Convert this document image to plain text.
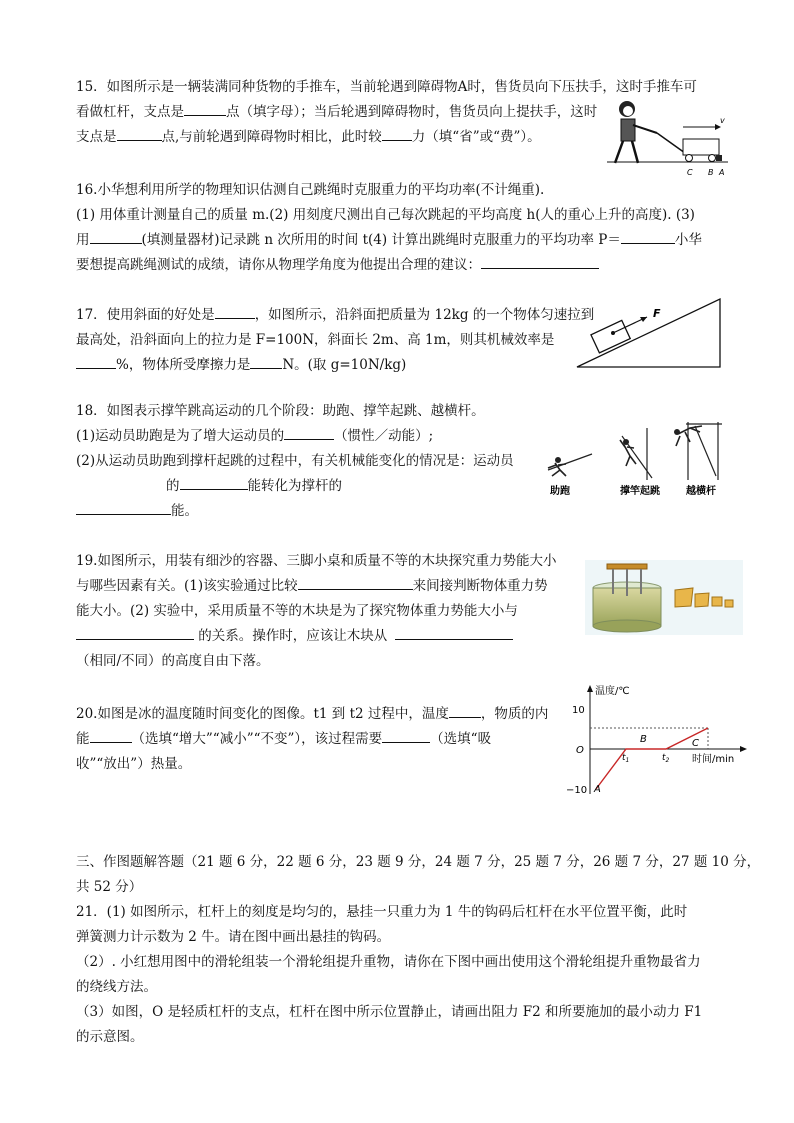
15．如图所示是一辆装满同种货物的手推车，当前轮遇到障碍物A时，售货员向下压扶手，这时手推车可

看做杠杆，支点是	点（填字母）；当后轮遇到障碍物时，售货员向上提扶手，这时

支点是	点,与前轮遇到障碍物时相比，此时较 力（填“省”或“费”）。

v
C B A

16.小华想利用所学的物理知识估测自己跳绳时克服重力的平均功率(不计绳重).

(1) 用体重计测量自己的质量 m.(2) 用刻度尺测出自己每次跳起的平均高度 h(人的重心上升的高度). (3)

用	(填测量器材)记录跳 n 次所用的时间 t(4) 计算出跳绳时克服重力的平均功率 P＝	小华

要想提高跳绳测试的成绩，请你从物理学角度为他提出合理的建议：

17．使用斜面的好处是	，如图所示，沿斜面把质量为 12kg 的一个物体匀速拉到

最高处，沿斜面向上的拉力是 F=100N，斜面长 2m、高 1m，则其机械效率是

%，物体所受摩擦力是 N。(取 g=10N/kg)

F

18．如图表示撑竿跳高运动的几个阶段：助跑、撑竿起跳、越横杆。

(1)运动员助跑是为了增大运动员的	（惯性／动能）;

(2)从运动员助跑到撑杆起跳的过程中，有关机械能变化的情况是：运动员

的	能转化为撑杆的

能。

助跑	撑竿起跳	越横杆

19.如图所示，用装有细沙的容器、三脚小桌和质量不等的木块探究重力势能大小

与哪些因素有关。(1)该实验通过比较	来间接判断物体重力势

能大小。(2) 实验中，采用质量不等的木块是为了探究物体重力势能大小与

的关系。操作时，应该让木块从

（相同/不同）的高度自由下落。

20.如图是冰的温度随时间变化的图像。t1 到 t2 过程中，温度 ，物质的内

能	（选填“增大”“减小”“不变”），该过程需要	（选填“吸

收”“放出”）热量。

温度/℃
时间/min
10
−10
O
A
B	C
$t_1$	$t_2$

三、作图题解答题（21 题 6 分，22 题 6 分，23 题 9 分，24 题 7 分，25 题 7 分，26 题 7 分，27 题 10 分，

共 52 分）

21．(1) 如图所示，杠杆上的刻度是均匀的，悬挂一只重力为 1 牛的钩码后杠杆在水平位置平衡，此时

弹簧测力计示数为 2 牛。请在图中画出悬挂的钩码。

（2）. 小红想用图中的滑轮组装一个滑轮组提升重物，请你在下图中画出使用这个滑轮组提升重物最省力

的绕线方法。

（3）如图，O 是轻质杠杆的支点，杠杆在图中所示位置静止，请画出阻力 F2 和所要施加的最小动力 F1

的示意图。
